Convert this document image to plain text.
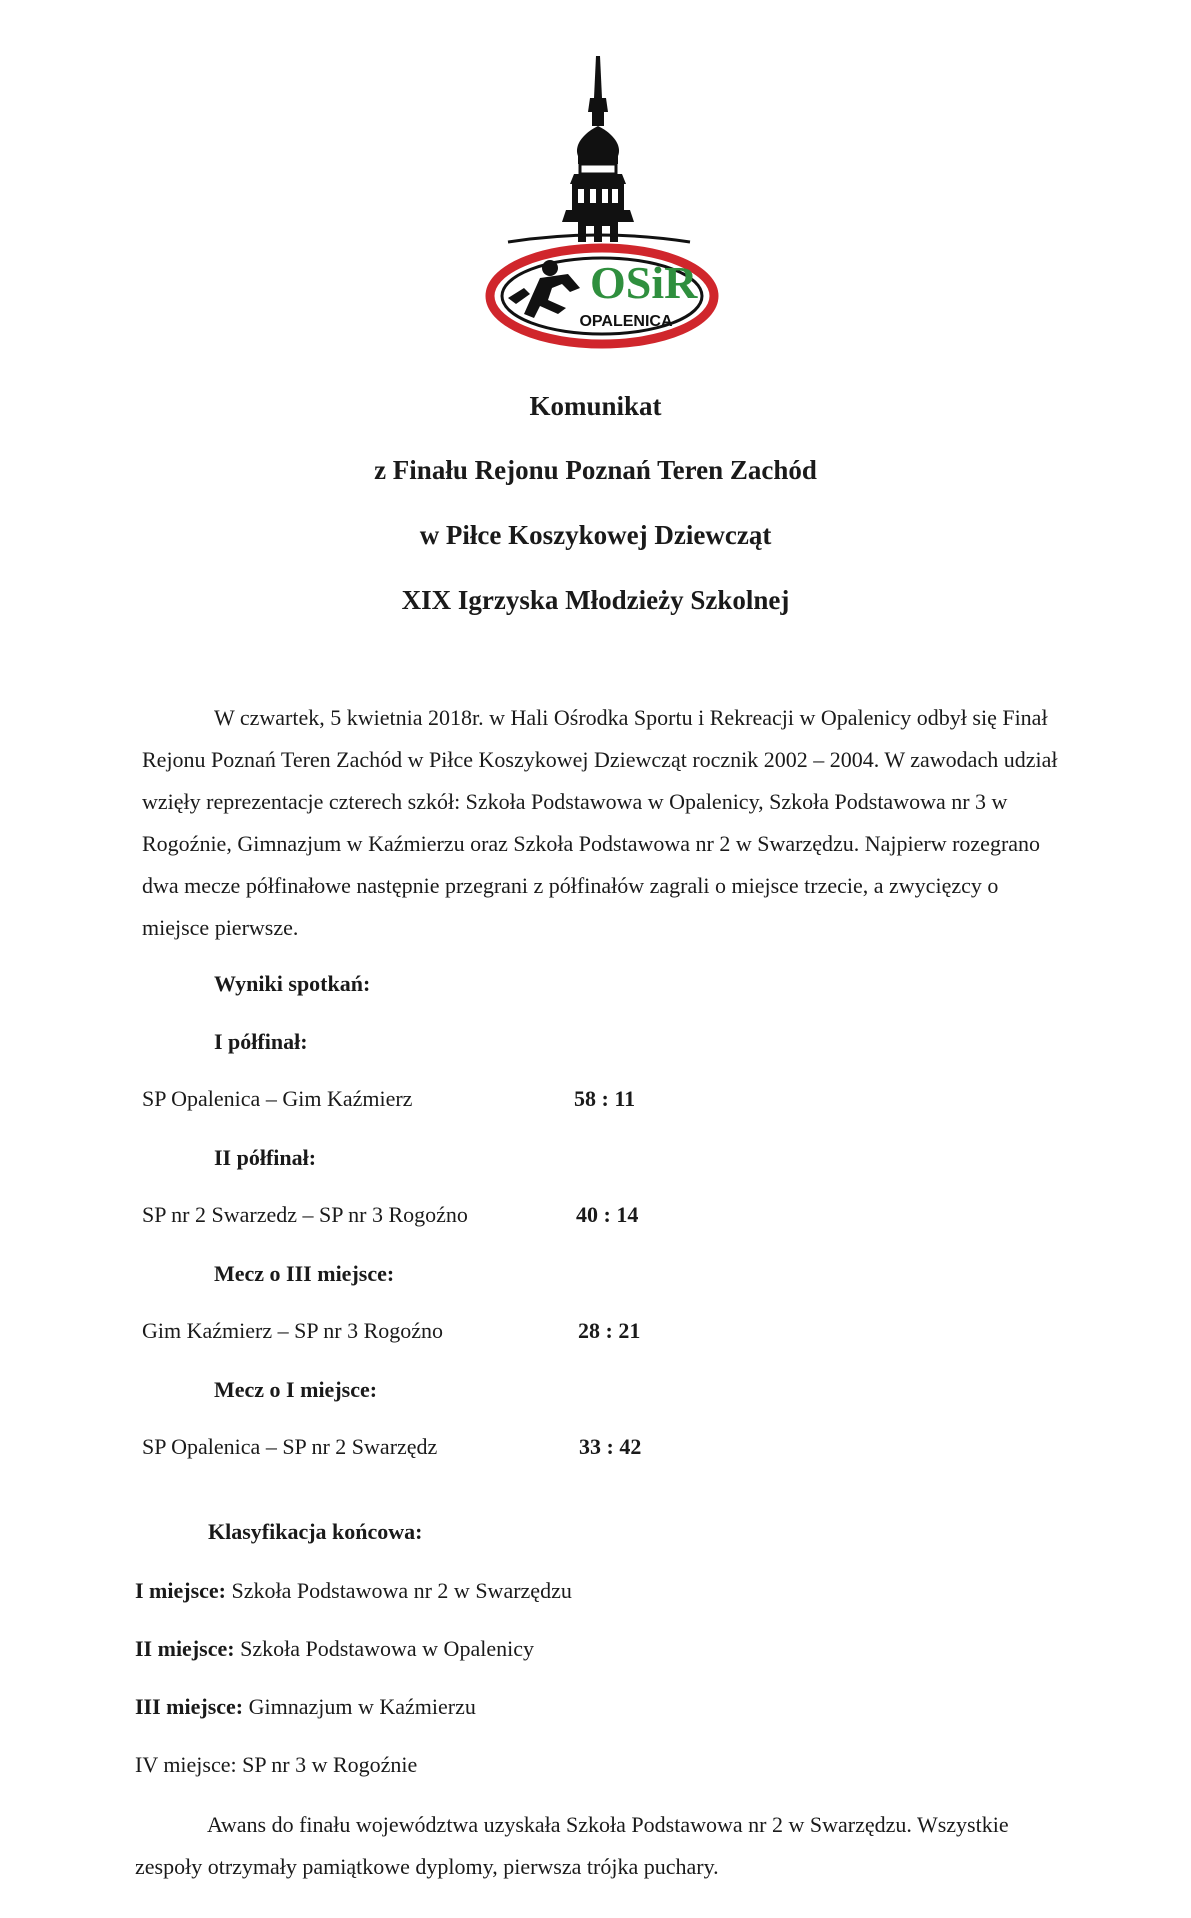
OSiR
OPALENICA
Komunikat
z Finału Rejonu Poznań Teren Zachód
w Piłce Koszykowej Dziewcząt
XIX Igrzyska Młodzieży Szkolnej

W czwartek, 5 kwietnia 2018r. w Hali Ośrodka Sportu i Rekreacji w Opalenicy odbył się Finał Rejonu Poznań Teren Zachód w Piłce Koszykowej Dziewcząt rocznik 2002 – 2004. W zawodach udział wzięły reprezentacje czterech szkół: Szkoła Podstawowa w Opalenicy, Szkoła Podstawowa nr 3 w Rogoźnie, Gimnazjum w Kaźmierzu oraz Szkoła Podstawowa nr 2 w Swarzędzu. Najpierw rozegrano dwa mecze półfinałowe następnie przegrani z półfinałów zagrali o miejsce trzecie, a zwycięzcy o miejsce pierwsze.

Wyniki spotkań:

I półfinał:

SP Opalenica – Gim Kaźmierz	58 : 11

II półfinał:

SP nr 2 Swarzedz – SP nr 3 Rogoźno	40 : 14

Mecz o III miejsce:

Gim Kaźmierz – SP nr 3 Rogoźno	28 : 21

Mecz o I miejsce:

SP Opalenica – SP nr 2 Swarzędz	33 : 42

Klasyfikacja końcowa:

I miejsce: Szkoła Podstawowa nr 2 w Swarzędzu
II miejsce: Szkoła Podstawowa w Opalenicy
III miejsce: Gimnazjum w Kaźmierzu
IV miejsce: SP nr 3 w Rogoźnie

Awans do finału województwa uzyskała Szkoła Podstawowa nr 2 w Swarzędzu. Wszystkie zespoły otrzymały pamiątkowe dyplomy, pierwsza trójka puchary.
